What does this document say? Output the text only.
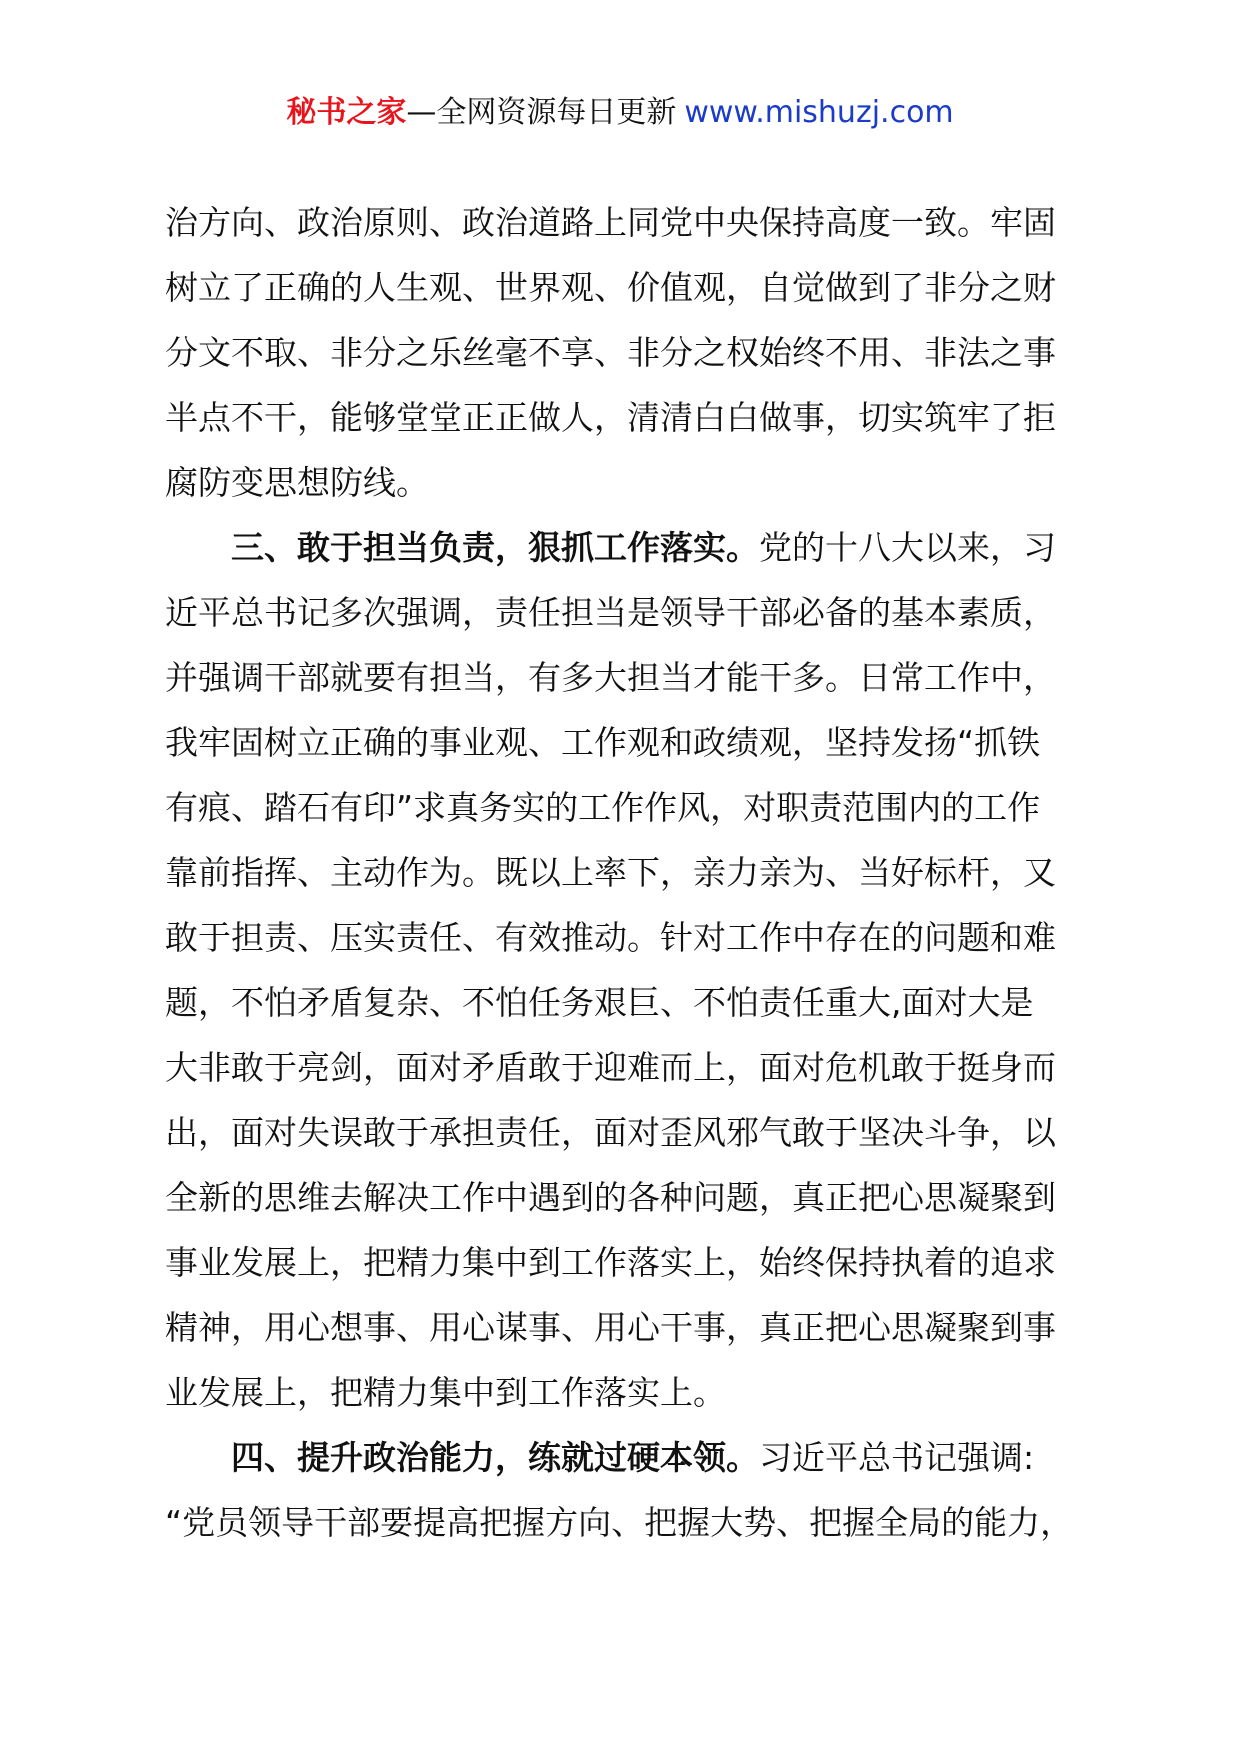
秘书之家—全网资源每日更新 www.mishuzj.com
治方向、政治原则、政治道路上同党中央保持高度一致。牢固
树立了正确的人生观、世界观、价值观，自觉做到了非分之财
分文不取、非分之乐丝毫不享、非分之权始终不用、非法之事
半点不干，能够堂堂正正做人，清清白白做事，切实筑牢了拒
腐防变思想防线。
三、敢于担当负责，狠抓工作落实。党的十八大以来，习
近平总书记多次强调，责任担当是领导干部必备的基本素质，
并强调干部就要有担当，有多大担当才能干多。日常工作中，
我牢固树立正确的事业观、工作观和政绩观，坚持发扬“抓铁
有痕、踏石有印”求真务实的工作作风，对职责范围内的工作
靠前指挥、主动作为。既以上率下，亲力亲为、当好标杆，又
敢于担责、压实责任、有效推动。针对工作中存在的问题和难
题，不怕矛盾复杂、不怕任务艰巨、不怕责任重大,面对大是
大非敢于亮剑，面对矛盾敢于迎难而上，面对危机敢于挺身而
出，面对失误敢于承担责任，面对歪风邪气敢于坚决斗争，以
全新的思维去解决工作中遇到的各种问题，真正把心思凝聚到
事业发展上，把精力集中到工作落实上，始终保持执着的追求
精神，用心想事、用心谋事、用心干事，真正把心思凝聚到事
业发展上，把精力集中到工作落实上。
四、提升政治能力，练就过硬本领。习近平总书记强调:
“党员领导干部要提高把握方向、把握大势、把握全局的能力，
